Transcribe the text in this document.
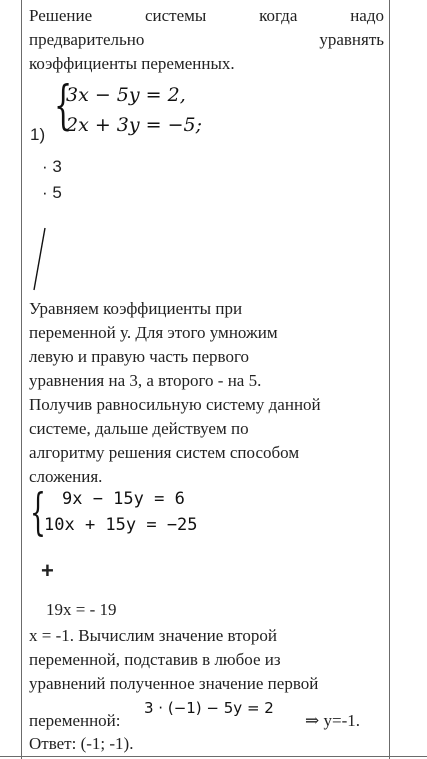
Решение	системы	когда	надо
предварительно	уравнять
коэффициенты переменных.
1) {
3x − 5y = 2,
2x + 3y = −5;
· 3
· 5
Уравняем коэффициенты при
переменной у. Для этого умножим
левую и правую часть первого
уравнения на 3, а второго - на 5.
Получив равносильную систему данной
системе, дальше действуем по
алгоритму решения систем способом
сложения.
{ 9x − 15y = 6
10x + 15y = −25
+
19x = - 19
x = -1. Вычислим значение второй
переменной, подставив в любое из
уравнений полученное значение первой
переменной:
3 · (−1) − 5y = 2
⇒ y=-1.
Ответ: (-1; -1).
